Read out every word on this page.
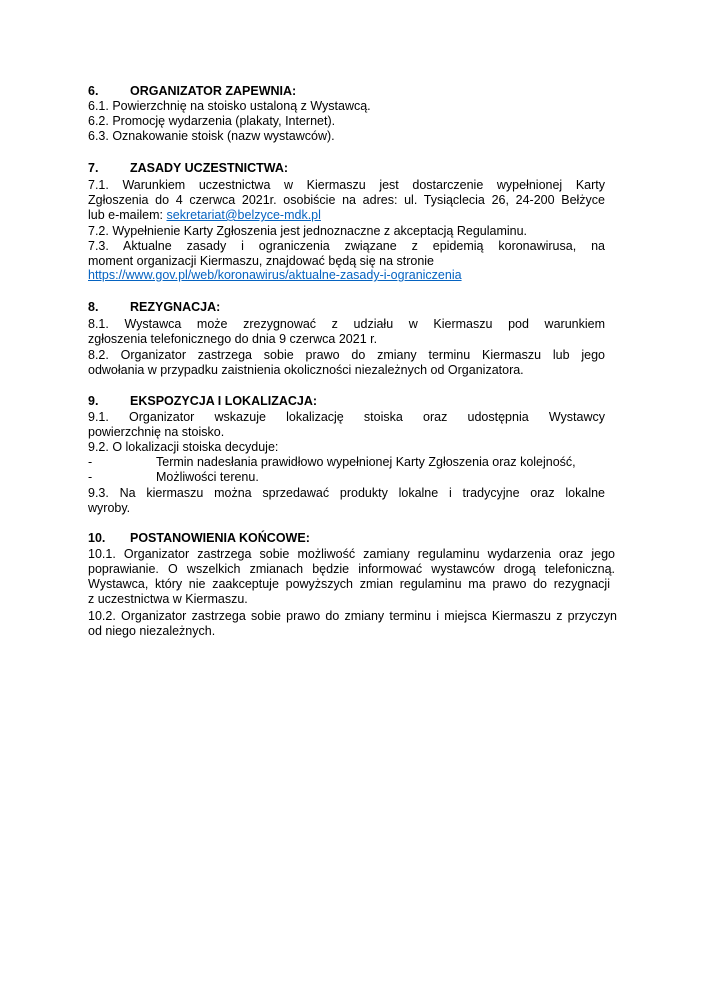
6.	ORGANIZATOR ZAPEWNIA:
6.1. Powierzchnię na stoisko ustaloną z Wystawcą.
6.2. Promocję wydarzenia (plakaty, Internet).
6.3. Oznakowanie stoisk (nazw wystawców).
7.	ZASADY UCZESTNICTWA:
7.1. Warunkiem uczestnictwa w Kiermaszu jest dostarczenie wypełnionej Karty
Zgłoszenia do 4 czerwca 2021r. osobiście na adres: ul. Tysiąclecia 26, 24-200 Bełżyce
lub e-mailem: sekretariat@belzyce-mdk.pl
7.2. Wypełnienie Karty Zgłoszenia jest jednoznaczne z akceptacją Regulaminu.
7.3. Aktualne zasady i ograniczenia związane z epidemią koronawirusa, na
moment organizacji Kiermaszu, znajdować będą się na stronie
https://www.gov.pl/web/koronawirus/aktualne-zasady-i-ograniczenia
8.	REZYGNACJA:
8.1. Wystawca może zrezygnować z udziału w Kiermaszu pod warunkiem
zgłoszenia telefonicznego do dnia 9 czerwca 2021 r.
8.2. Organizator zastrzega sobie prawo do zmiany terminu Kiermaszu lub jego
odwołania w przypadku zaistnienia okoliczności niezależnych od Organizatora.
9.	EKSPOZYCJA I LOKALIZACJA:
9.1. Organizator wskazuje lokalizację stoiska oraz udostępnia Wystawcy
powierzchnię na stoisko.
9.2. O lokalizacji stoiska decyduje:
-	Termin nadesłania prawidłowo wypełnionej Karty Zgłoszenia oraz kolejność,
-	Możliwości terenu.
9.3. Na kiermaszu można sprzedawać produkty lokalne i tradycyjne oraz lokalne
wyroby.
10. POSTANOWIENIA KOŃCOWE:
10.1. Organizator zastrzega sobie możliwość zamiany regulaminu wydarzenia oraz jego
poprawianie. O wszelkich zmianach będzie informować wystawców drogą telefoniczną.
Wystawca, który nie zaakceptuje powyższych zmian regulaminu ma prawo do rezygnacji
z uczestnictwa w Kiermaszu.
10.2. Organizator zastrzega sobie prawo do zmiany terminu i miejsca Kiermaszu z przyczyn
od niego niezależnych.
